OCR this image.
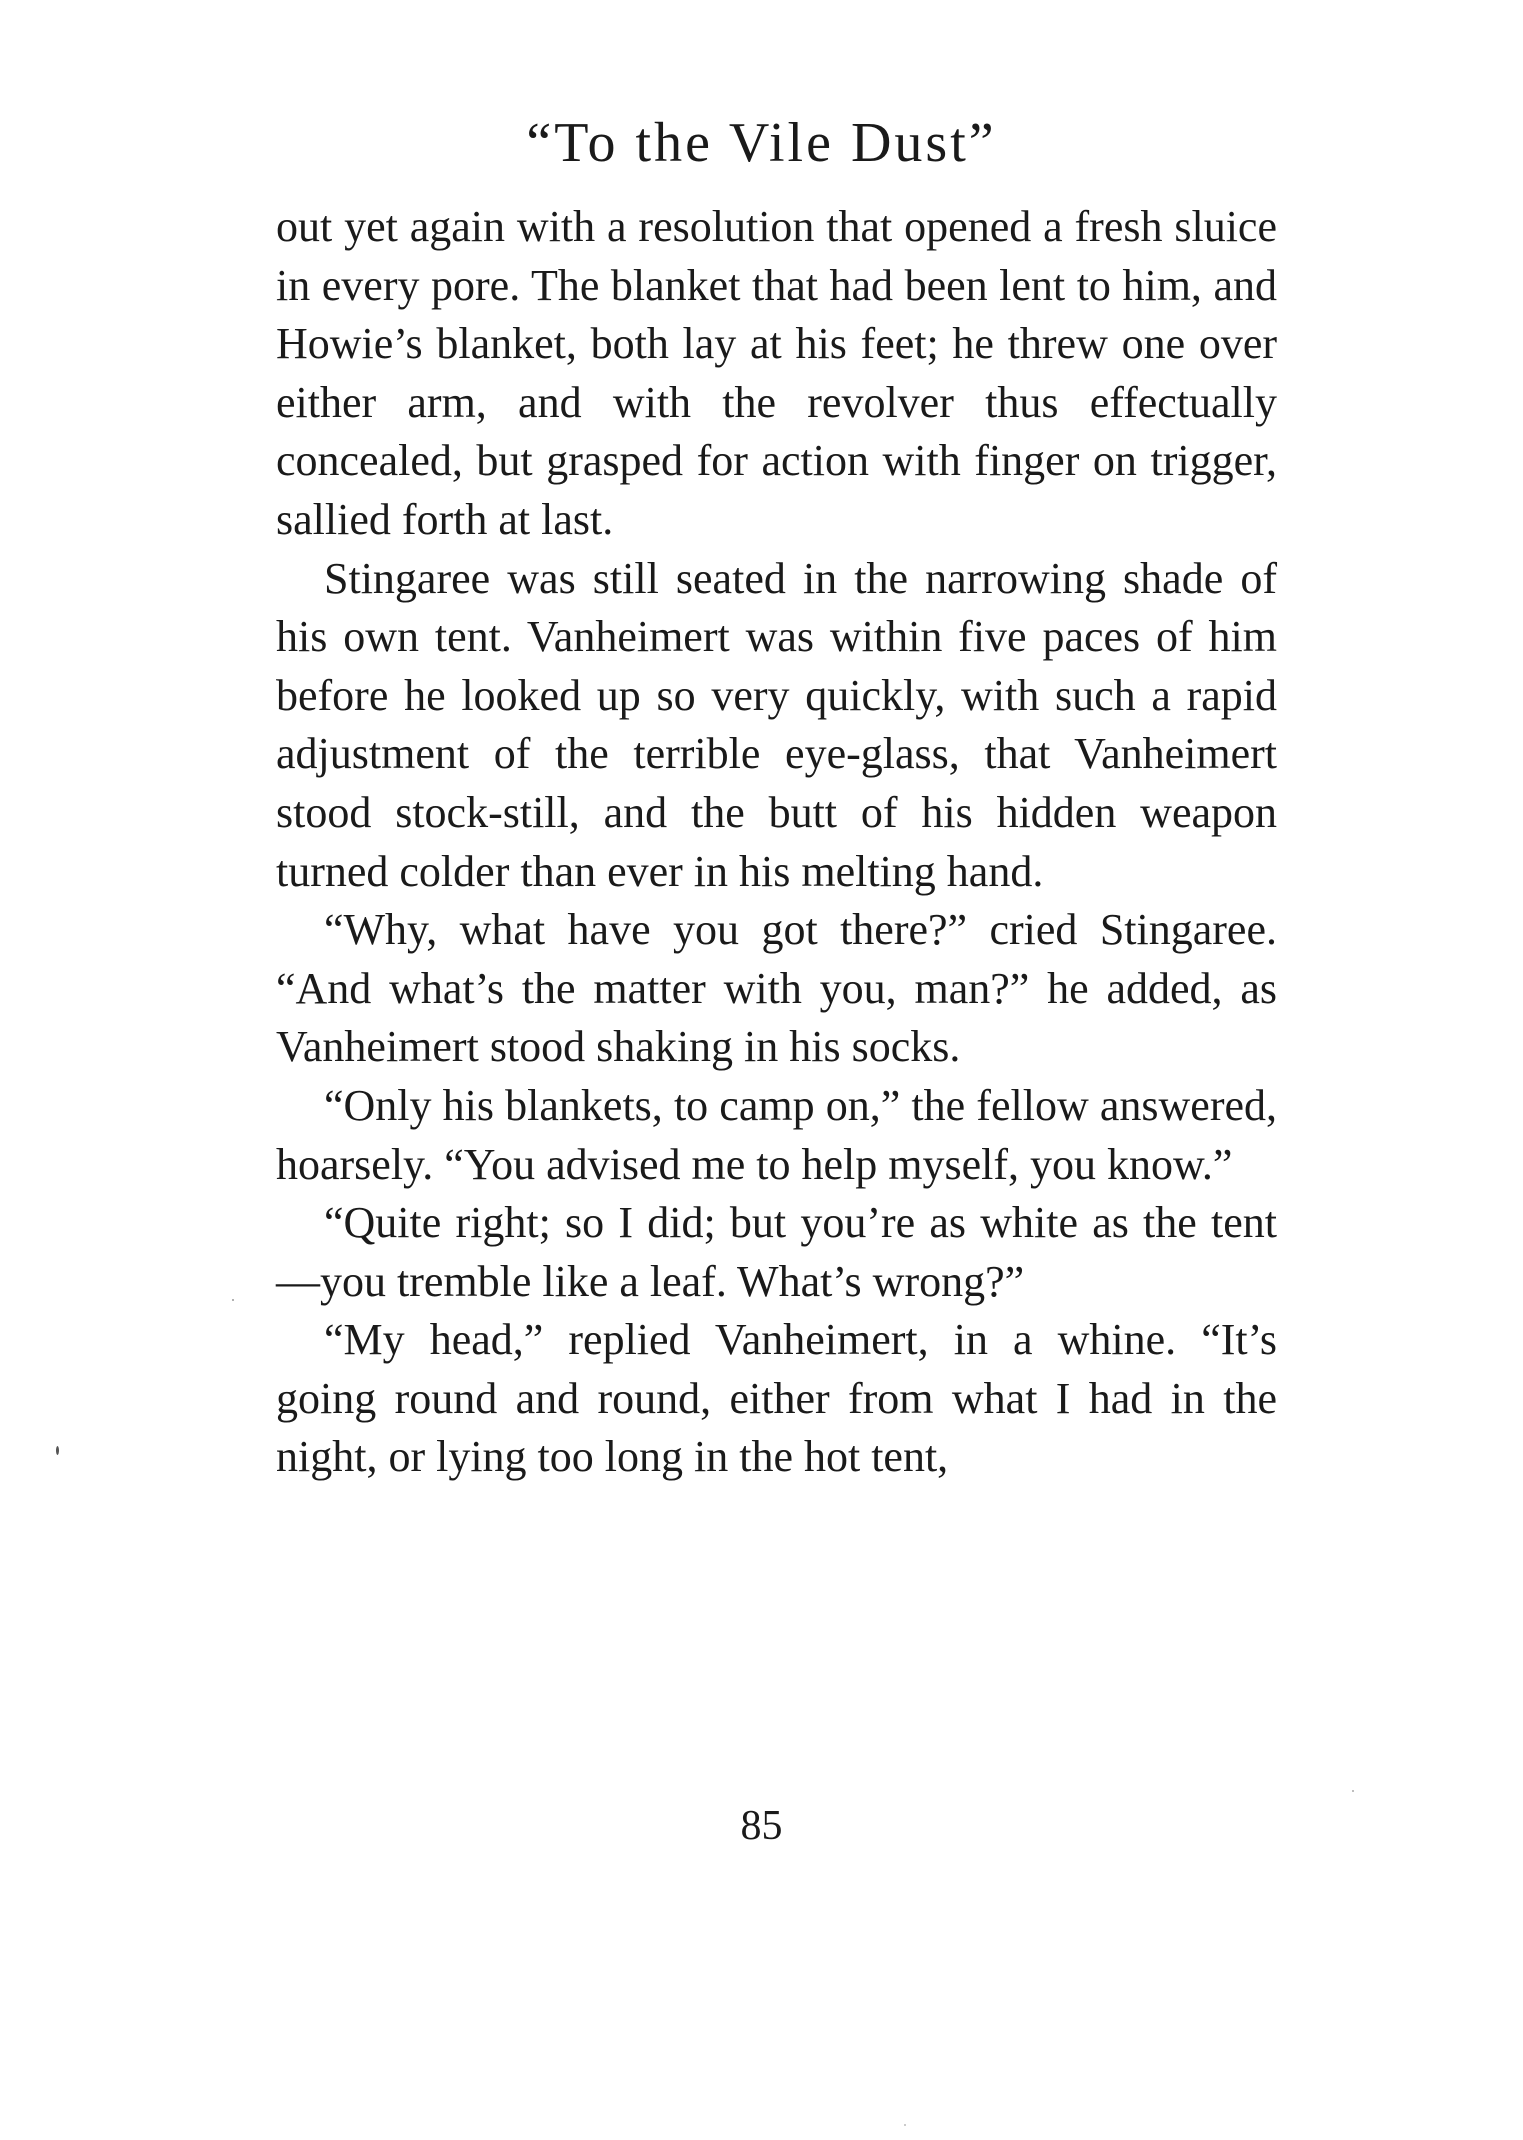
“To the Vile Dust”

out yet again with a resolution that opened a fresh sluice in every pore. The blanket that had been lent to him, and Howie’s blanket, both lay at his feet; he threw one over either arm, and with the revolver thus effectually concealed, but grasped for action with finger on trigger, sallied forth at last.

Stingaree was still seated in the narrowing shade of his own tent. Vanheimert was within five paces of him before he looked up so very quickly, with such a rapid adjustment of the terrible eye-glass, that Vanheimert stood stock-still, and the butt of his hidden weapon turned colder than ever in his melting hand.

“Why, what have you got there?” cried Stingaree. “And what’s the matter with you, man?” he added, as Vanheimert stood shaking in his socks.

“Only his blankets, to camp on,” the fellow answered, hoarsely. “You advised me to help myself, you know.”

“Quite right; so I did; but you’re as white as the tent—you tremble like a leaf. What’s wrong?”

“My head,” replied Vanheimert, in a whine. “It’s going round and round, either from what I had in the night, or lying too long in the hot tent,

85
